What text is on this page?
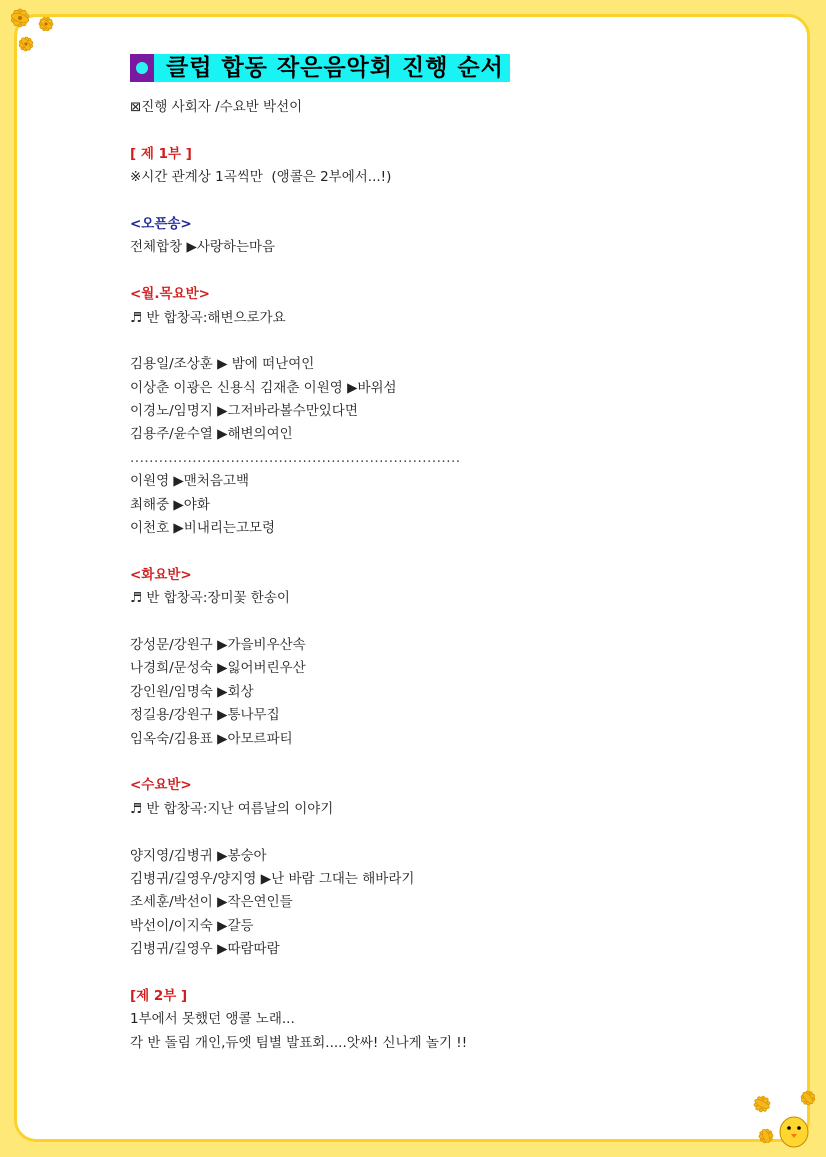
클럽 합동 작은음악회 진행 순서
⊠진행 사회자 /수요반 박선이
[ 제 1부 ]
※시간 관계상 1곡씩만  (앵콜은 2부에서...!)
<오픈송>
전체합창 ▶사랑하는마음
<월.목요반>
♬ 반 합창곡:해변으로가요
김용일/조상훈 ▶ 밤에 떠난여인
이상춘 이광은 신용식 김재춘 이원영 ▶바위섬
이경노/임명지 ▶그저바라볼수만있다면
김용주/윤수열 ▶해변의여인
.....................................................................
이원영 ▶맨처음고백
최해중 ▶야화
이천호 ▶비내리는고모령
<화요반>
♬ 반 합창곡:장미꽃 한송이
강성문/강원구 ▶가을비우산속
나경희/문성숙 ▶잃어버린우산
강인원/임명숙 ▶회상
정길용/강원구 ▶통나무집
임옥숙/김용표 ▶아모르파티
<수요반>
♬ 반 합창곡:지난 여름날의 이야기
양지영/김병귀 ▶봉숭아
김병귀/길영우/양지영 ▶난 바람 그대는 해바라기
조세훈/박선이 ▶작은연인들
박선이/이지숙 ▶갈등
김병귀/길영우 ▶따람따람
[제 2부 ]
1부에서 못했던 앵콜 노래...
각 반 돌림 개인,듀엣 팀별 발표회.....앗싸! 신나게 놀기 !!
